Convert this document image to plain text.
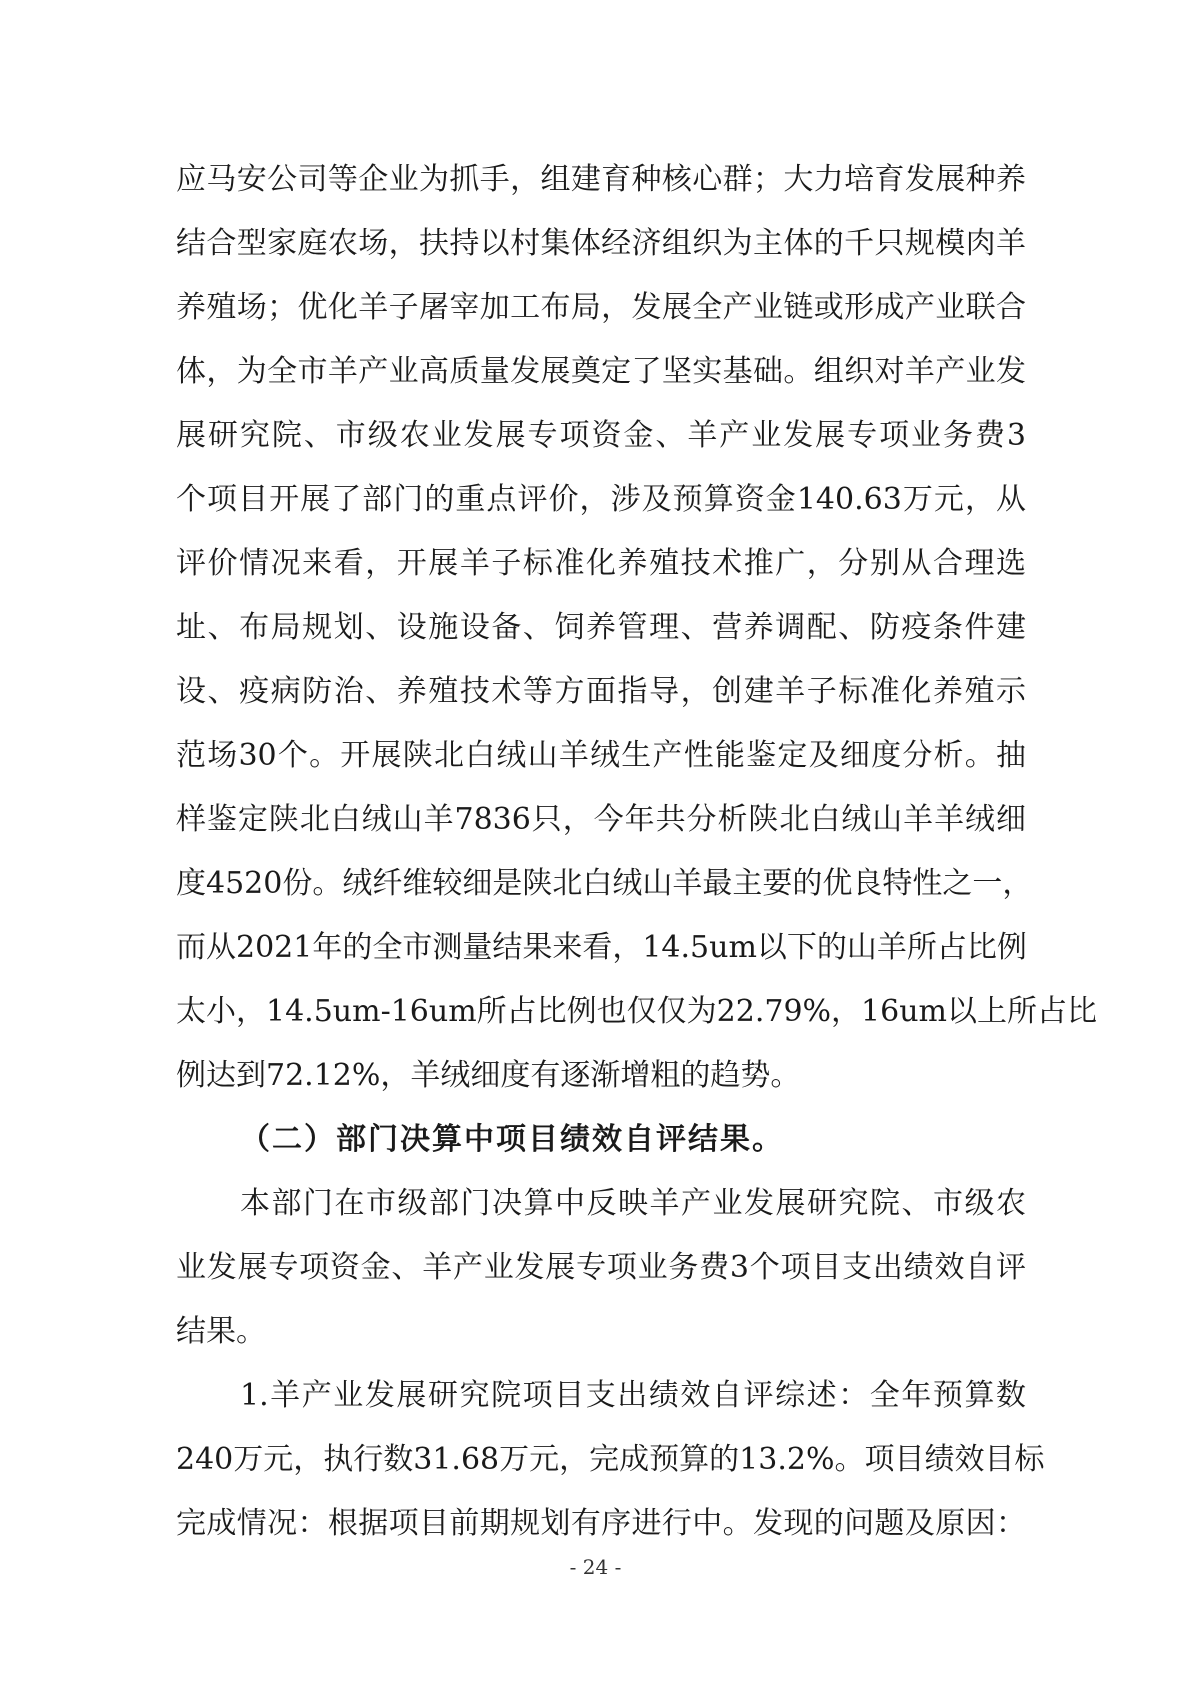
应马安公司等企业为抓手，组建育种核心群；大力培育发展种养
结合型家庭农场，扶持以村集体经济组织为主体的千只规模肉羊
养殖场；优化羊子屠宰加工布局，发展全产业链或形成产业联合
体，为全市羊产业高质量发展奠定了坚实基础。组织对羊产业发
展研究院、市级农业发展专项资金、羊产业发展专项业务费3
个项目开展了部门的重点评价，涉及预算资金140.63万元，从
评价情况来看，开展羊子标准化养殖技术推广，分别从合理选
址、布局规划、设施设备、饲养管理、营养调配、防疫条件建
设、疫病防治、养殖技术等方面指导，创建羊子标准化养殖示
范场30个。开展陕北白绒山羊绒生产性能鉴定及细度分析。抽
样鉴定陕北白绒山羊7836只，今年共分析陕北白绒山羊羊绒细
度4520份。绒纤维较细是陕北白绒山羊最主要的优良特性之一，
而从2021年的全市测量结果来看，14.5um以下的山羊所占比例
太小，14.5um-16um所占比例也仅仅为22.79%，16um以上所占比
例达到72.12%，羊绒细度有逐渐增粗的趋势。
（二）部门决算中项目绩效自评结果。
本部门在市级部门决算中反映羊产业发展研究院、市级农
业发展专项资金、羊产业发展专项业务费3个项目支出绩效自评
结果。
1.羊产业发展研究院项目支出绩效自评综述：全年预算数
240万元，执行数31.68万元，完成预算的13.2%。项目绩效目标
完成情况：根据项目前期规划有序进行中。发现的问题及原因：
- 24 -
